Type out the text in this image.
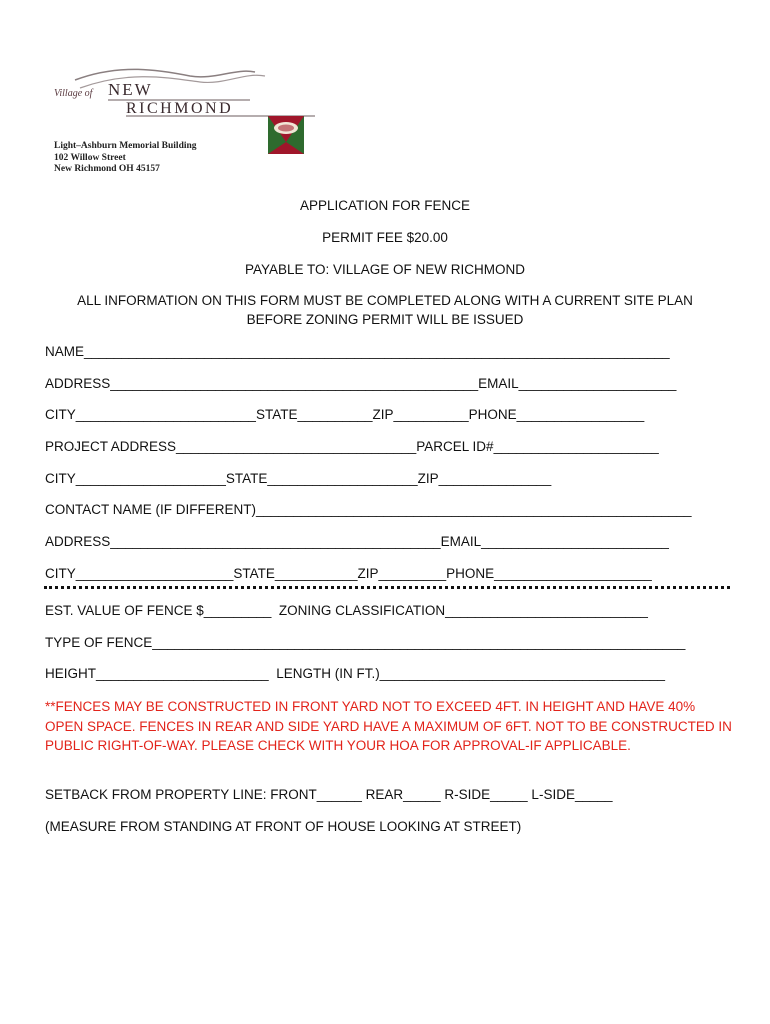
Village of NEW
RICHMOND
Light–Ashburn Memorial Building
102 Willow Street
New Richmond OH 45157
APPLICATION FOR FENCE
PERMIT FEE $20.00
PAYABLE TO: VILLAGE OF NEW RICHMOND
ALL INFORMATION ON THIS FORM MUST BE COMPLETED ALONG WITH A CURRENT SITE PLAN
BEFORE ZONING PERMIT WILL BE ISSUED
NAME______________________________________________________________________________
ADDRESS_________________________________________________EMAIL_____________________
CITY________________________STATE__________ZIP__________PHONE_________________
PROJECT ADDRESS________________________________PARCEL ID#______________________
CITY____________________STATE____________________ZIP_______________
CONTACT NAME (IF DIFFERENT)__________________________________________________________
ADDRESS____________________________________________EMAIL_________________________
CITY_____________________STATE___________ZIP_________PHONE_____________________
EST. VALUE OF FENCE $_________  ZONING CLASSIFICATION___________________________
TYPE OF FENCE_______________________________________________________________________
HEIGHT_______________________  LENGTH (IN FT.)______________________________________
**FENCES MAY BE CONSTRUCTED IN FRONT YARD NOT TO EXCEED 4FT. IN HEIGHT AND HAVE 40% OPEN SPACE. FENCES IN REAR AND SIDE YARD HAVE A MAXIMUM OF 6FT. NOT TO BE CONSTRUCTED IN PUBLIC RIGHT-OF-WAY. PLEASE CHECK WITH YOUR HOA FOR APPROVAL-IF APPLICABLE.
SETBACK FROM PROPERTY LINE: FRONT______ REAR_____ R-SIDE_____ L-SIDE_____
(MEASURE FROM STANDING AT FRONT OF HOUSE LOOKING AT STREET)
